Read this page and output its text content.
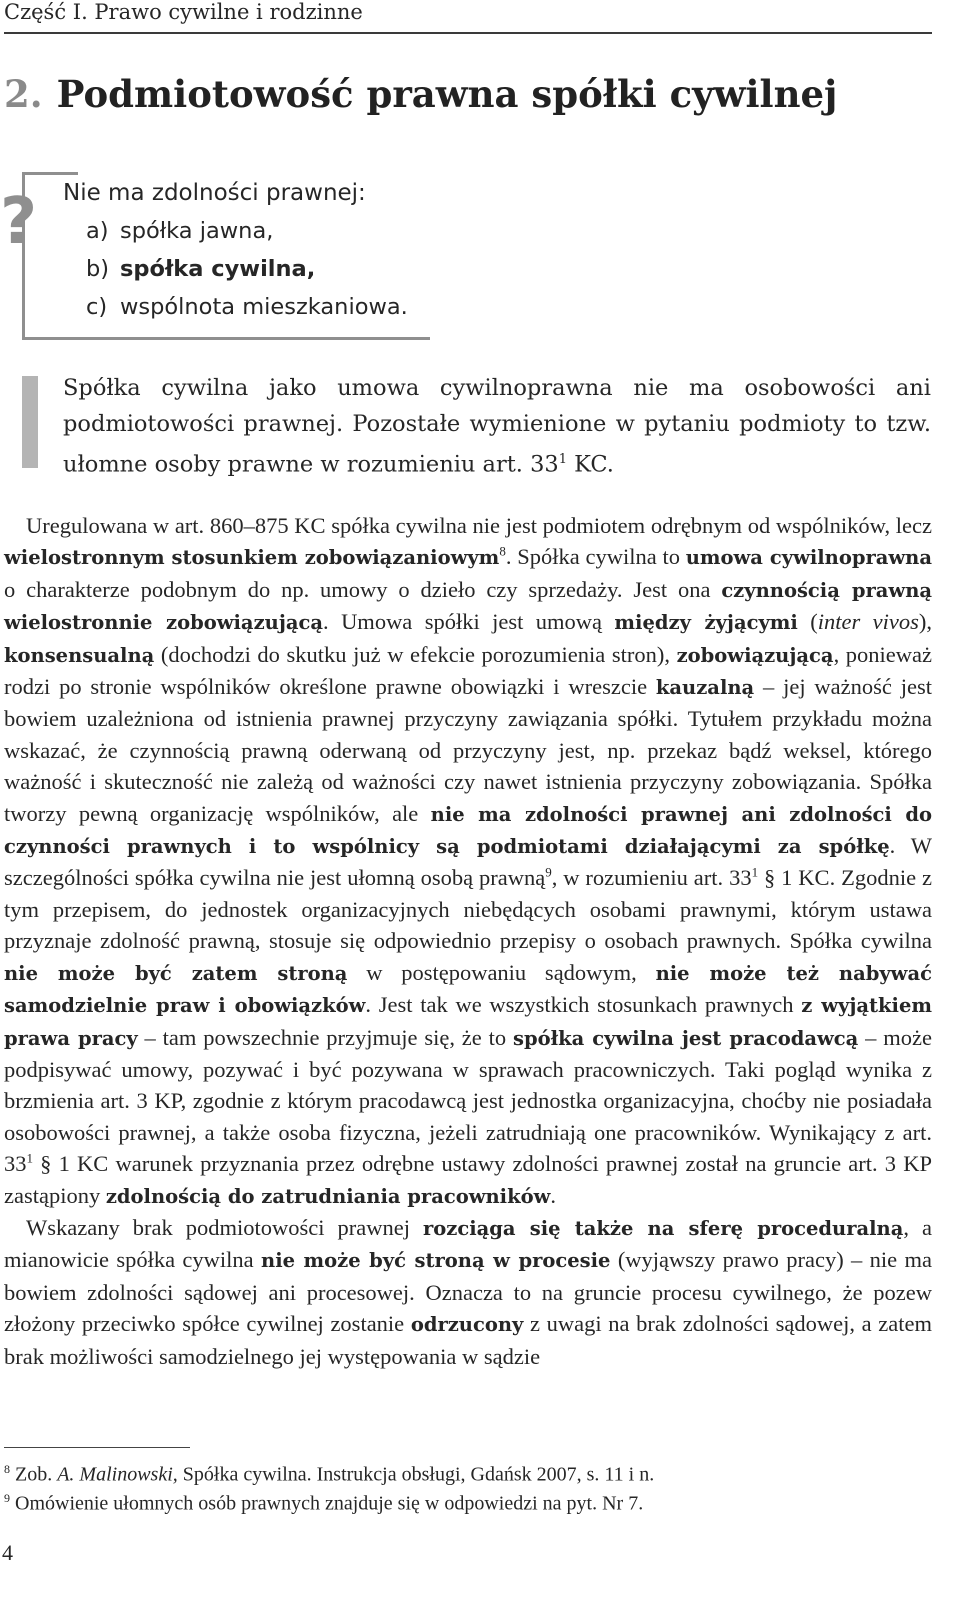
Część I. Prawo cywilne i rodzinne
2. Podmiotowość prawna spółki cywilnej
? Nie ma zdolności prawnej:
a) spółka jawna,
b) spółka cywilna,
c) wspólnota mieszkaniowa.
Spółka cywilna jako umowa cywilnoprawna nie ma osobowości ani podmiotowości prawnej. Pozostałe wymienione w pytaniu podmioty to tzw. ułomne osoby prawne w rozumieniu art. $33^1$ KC.

Uregulowana w art. 860–875 KC spółka cywilna nie jest podmiotem odrębnym od wspólników, lecz wielostronnym stosunkiem zobowiązaniowym$^8$. Spółka cywilna to umowa cywilnoprawna o charakterze podobnym do np. umowy o dzieło czy sprzedaży. Jest ona czynnością prawną wielostronnie zobowiązującą. Umowa spółki jest umową między żyjącymi (inter vivos), konsensualną (dochodzi do skutku już w efekcie porozumienia stron), zobowiązującą, ponieważ rodzi po stronie wspólników określone prawne obowiązki i wreszcie kauzalną – jej ważność jest bowiem uzależniona od istnienia prawnej przyczyny zawiązania spółki. Tytułem przykładu można wskazać, że czynnością prawną oderwaną od przyczyny jest, np. przekaz bądź weksel, którego ważność i skuteczność nie zależą od ważności czy nawet istnienia przyczyny zobowiązania. Spółka tworzy pewną organizację wspólników, ale nie ma zdolności prawnej ani zdolności do czynności prawnych i to wspólnicy są podmiotami działającymi za spółkę. W szczególności spółka cywilna nie jest ułomną osobą prawną$^9$, w rozumieniu art. $33^1$ § 1 KC. Zgodnie z tym przepisem, do jednostek organizacyjnych niebędących osobami prawnymi, którym ustawa przyznaje zdolność prawną, stosuje się odpowiednio przepisy o osobach prawnych. Spółka cywilna nie może być zatem stroną w postępowaniu sądowym, nie może też nabywać samodzielnie praw i obowiązków. Jest tak we wszystkich stosunkach prawnych z wyjątkiem prawa pracy – tam powszechnie przyjmuje się, że to spółka cywilna jest pracodawcą – może podpisywać umowy, pozywać i być pozywana w sprawach pracowniczych. Taki pogląd wynika z brzmienia art. 3 KP, zgodnie z którym pracodawcą jest jednostka organizacyjna, choćby nie posiadała osobowości prawnej, a także osoba fizyczna, jeżeli zatrudniają one pracowników. Wynikający z art. $33^1$ § 1 KC warunek przyznania przez odrębne ustawy zdolności prawnej został na gruncie art. 3 KP zastąpiony zdolnością do zatrudniania pracowników.

Wskazany brak podmiotowości prawnej rozciąga się także na sferę proceduralną, a mianowicie spółka cywilna nie może być stroną w procesie (wyjąwszy prawo pracy) – nie ma bowiem zdolności sądowej ani procesowej. Oznacza to na gruncie procesu cywilnego, że pozew złożony przeciwko spółce cywilnej zostanie odrzucony z uwagi na brak zdolności sądowej, a zatem brak możliwości samodzielnego jej występowania w sądzie

$^8$ Zob. A. Malinowski, Spółka cywilna. Instrukcja obsługi, Gdańsk 2007, s. 11 i n.
$^9$ Omówienie ułomnych osób prawnych znajduje się w odpowiedzi na pyt. Nr 7.
4
